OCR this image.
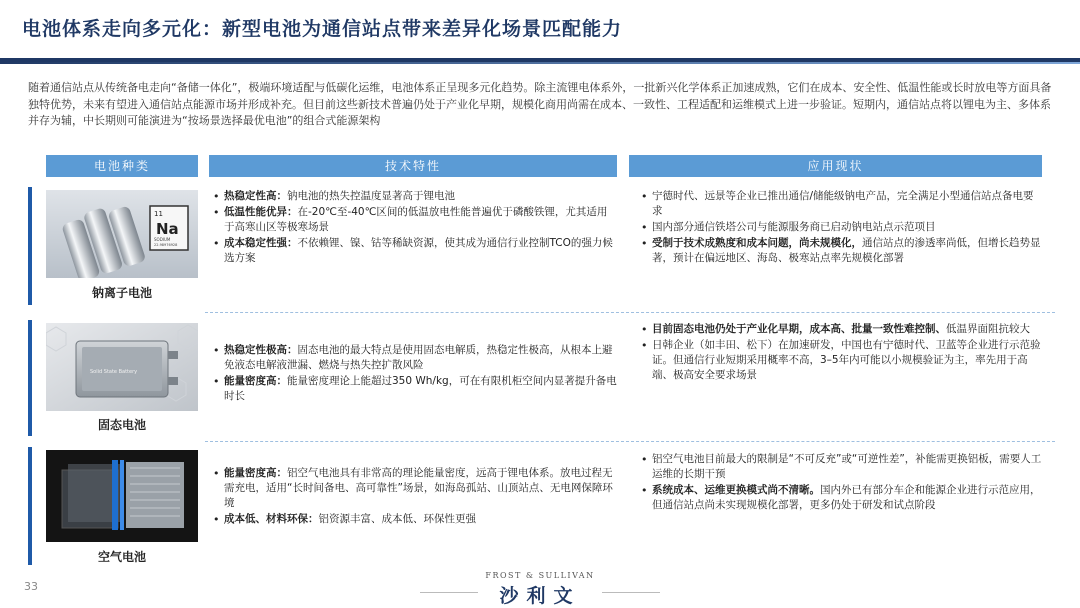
电池体系走向多元化：新型电池为通信站点带来差异化场景匹配能力
随着通信站点从传统备电走向“备储一体化”，极端环境适配与低碳化运维，电池体系正呈现多元化趋势。除主流锂电体系外，一批新兴化学体系正加速成熟，它们在成本、安全性、低温性能或长时放电等方面具备独特优势，未来有望进入通信站点能源市场并形成补充。但目前这些新技术普遍仍处于产业化早期，规模化商用尚需在成本、一致性、工程适配和运维模式上进一步验证。短期内，通信站点将以锂电为主、多体系并存为辅，中长期则可能演进为“按场景选择最优电池”的组合式能源架构
电池种类	技术特性	应用现状
11
Na
SODIUM
22.98976928
钠离子电池
• 热稳定性高：钠电池的热失控温度显著高于锂电池
• 低温性能优异：在-20℃至-40℃区间的低温放电性能普遍优于磷酸铁锂，尤其适用于高寒山区等极寒场景
• 成本稳定性强：不依赖锂、镍、钴等稀缺资源，使其成为通信行业控制TCO的强力候选方案
• 宁德时代、远景等企业已推出通信/储能级钠电产品，完全满足小型通信站点备电要求
• 国内部分通信铁塔公司与能源服务商已启动钠电站点示范项目
• 受制于技术成熟度和成本问题，尚未规模化，通信站点的渗透率尚低，但增长趋势显著，预计在偏远地区、海岛、极寒站点率先规模化部署
Solid State Battery
固态电池
• 热稳定性极高：固态电池的最大特点是使用固态电解质，热稳定性极高，从根本上避免液态电解液泄漏、燃烧与热失控扩散风险
• 能量密度高：能量密度理论上能超过350 Wh/kg，可在有限机柜空间内显著提升备电时长
• 目前固态电池仍处于产业化早期，成本高、批量一致性难控制、低温界面阻抗较大
• 日韩企业（如丰田、松下）在加速研发，中国也有宁德时代、卫蓝等企业进行示范验证。但通信行业短期采用概率不高，3–5年内可能以小规模验证为主，率先用于高端、极高安全要求场景
空气电池
• 能量密度高：铝空气电池具有非常高的理论能量密度，远高于锂电体系。放电过程无需充电，适用“长时间备电、高可靠性”场景，如海岛孤站、山顶站点、无电网保障环境
• 成本低、材料环保：铝资源丰富、成本低、环保性更强
• 铝空气电池目前最大的限制是“不可反充”或“可逆性差”，补能需更换铝板，需要人工运维的长期干预
• 系统成本、运维更换模式尚不清晰。国内外已有部分车企和能源企业进行示范应用，但通信站点尚未实现规模化部署，更多仍处于研发和试点阶段
33
FROST & SULLIVAN
沙利文
